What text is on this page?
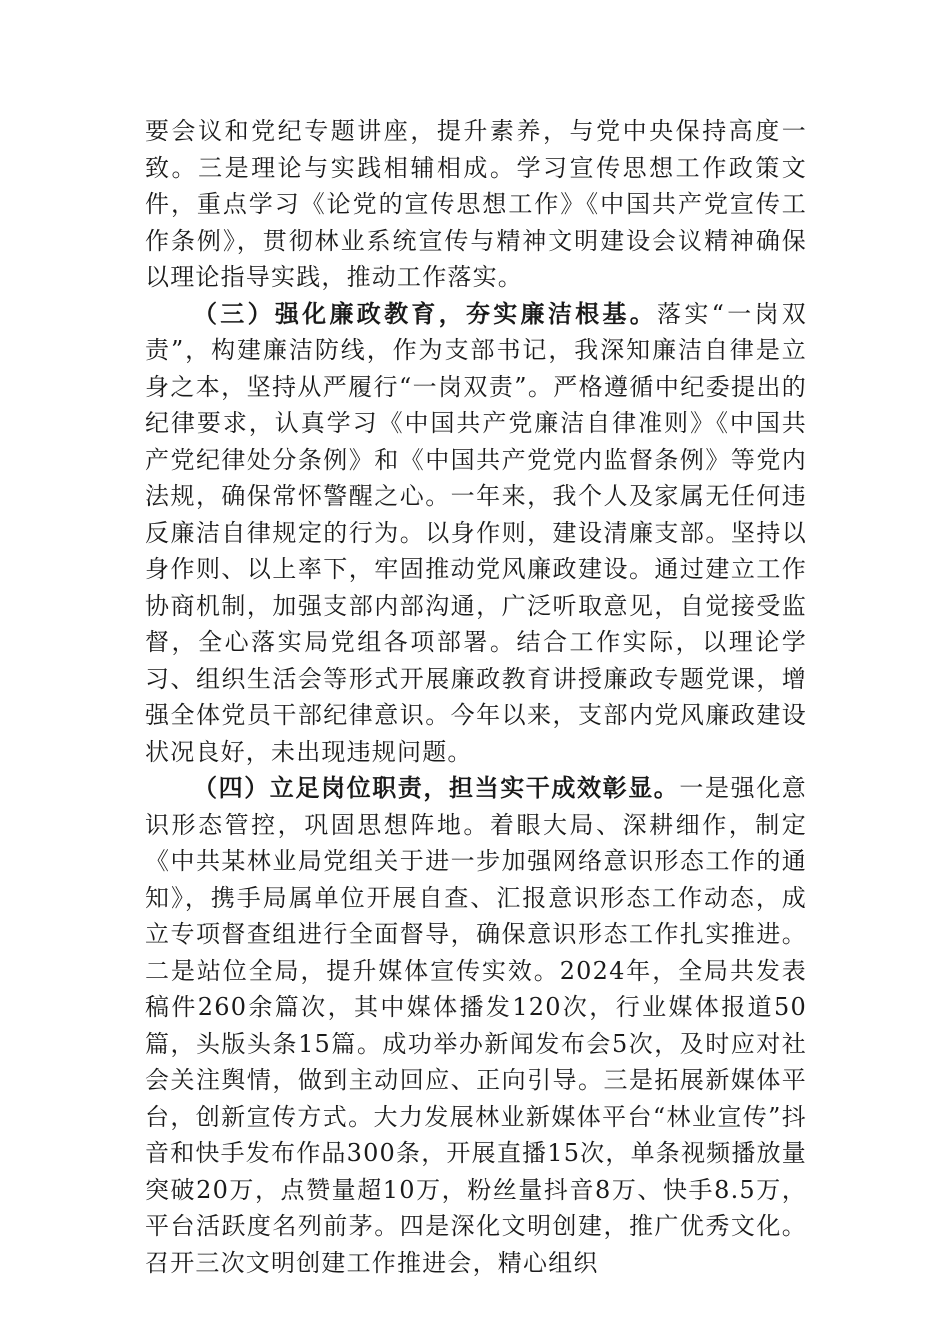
要会议和党纪专题讲座，提升素养，与党中央保持高度一致。三是理论与实践相辅相成。学习宣传思想工作政策文件，重点学习《论党的宣传思想工作》《中国共产党宣传工作条例》，贯彻林业系统宣传与精神文明建设会议精神确保以理论指导实践，推动工作落实。

（三）强化廉政教育，夯实廉洁根基。落实“一岗双责”，构建廉洁防线，作为支部书记，我深知廉洁自律是立身之本，坚持从严履行“一岗双责”。严格遵循中纪委提出的纪律要求，认真学习《中国共产党廉洁自律准则》《中国共产党纪律处分条例》和《中国共产党党内监督条例》等党内法规，确保常怀警醒之心。一年来，我个人及家属无任何违反廉洁自律规定的行为。以身作则，建设清廉支部。坚持以身作则、以上率下，牢固推动党风廉政建设。通过建立工作协商机制，加强支部内部沟通，广泛听取意见，自觉接受监督，全心落实局党组各项部署。结合工作实际，以理论学习、组织生活会等形式开展廉政教育讲授廉政专题党课，增强全体党员干部纪律意识。今年以来，支部内党风廉政建设状况良好，未出现违规问题。

（四）立足岗位职责，担当实干成效彰显。一是强化意识形态管控，巩固思想阵地。着眼大局、深耕细作，制定《中共某林业局党组关于进一步加强网络意识形态工作的通知》，携手局属单位开展自查、汇报意识形态工作动态，成立专项督查组进行全面督导，确保意识形态工作扎实推进。二是站位全局，提升媒体宣传实效。2024年，全局共发表稿件260余篇次，其中媒体播发120次，行业媒体报道50篇，头版头条15篇。成功举办新闻发布会5次，及时应对社会关注舆情，做到主动回应、正向引导。三是拓展新媒体平台，创新宣传方式。大力发展林业新媒体平台“林业宣传”抖音和快手发布作品300条，开展直播15次，单条视频播放量突破20万，点赞量超10万，粉丝量抖音8万、快手8.5万，平台活跃度名列前茅。四是深化文明创建，推广优秀文化。召开三次文明创建工作推进会，精心组织
